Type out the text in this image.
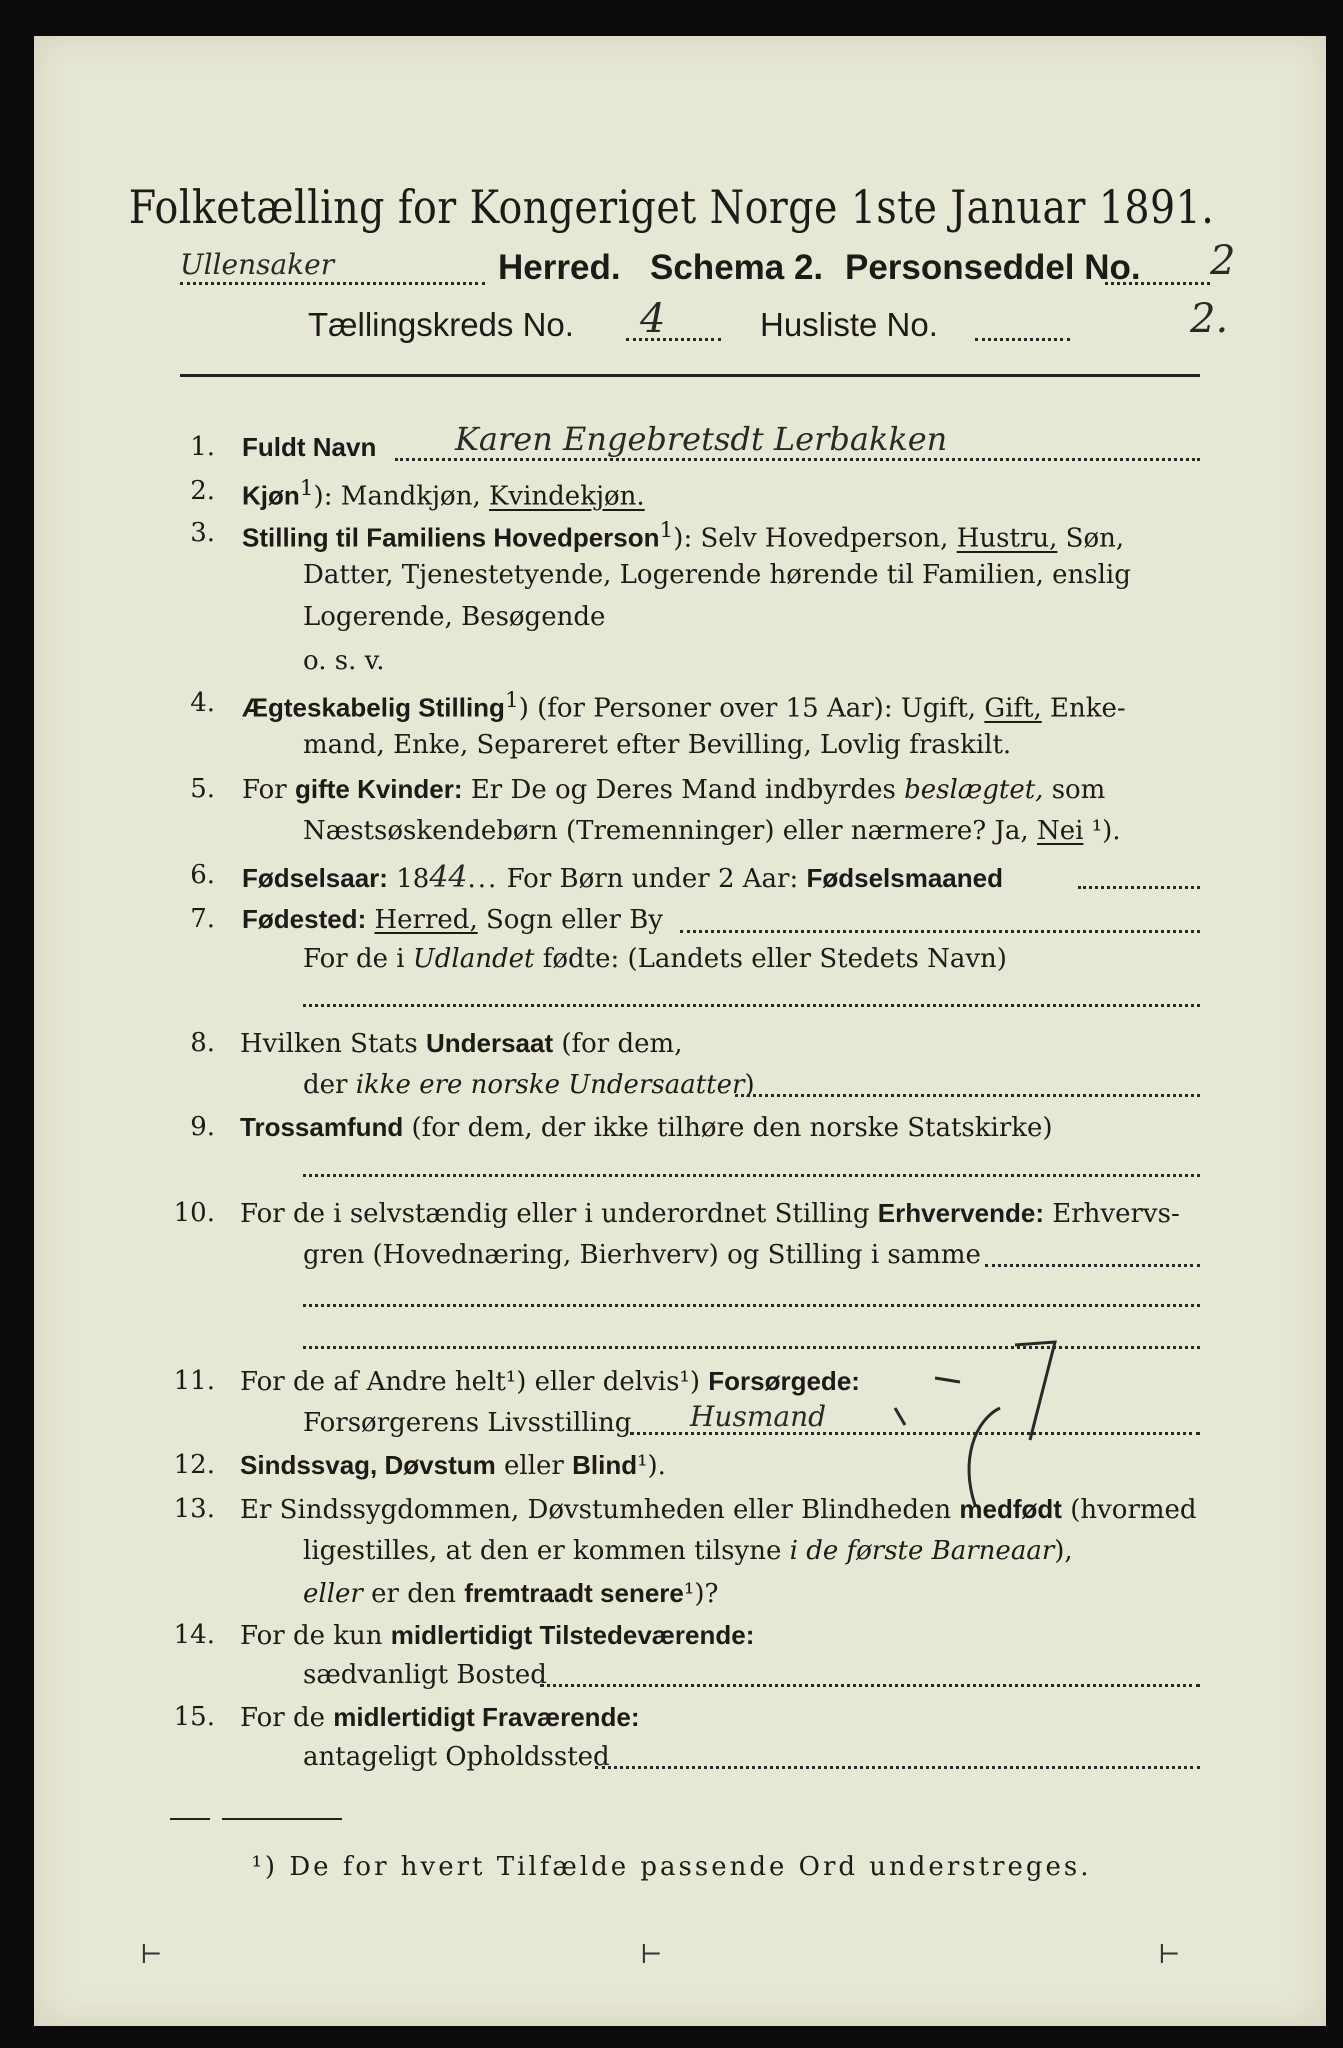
Folketælling for Kongeriget Norge 1ste Januar 1891.
Ullensaker	Herred. Schema 2. Personseddel No. 2
Tællingskreds No. 4	Husliste No.	2.
1. Fuldt Navn Karen Engebretsdt Lerbakken
2. Kjøn$^1$): Mandkjøn, Kvindekjøn.
3. Stilling til Familiens Hovedperson$^1$): Selv Hovedperson, Hustru, Søn,
Datter, Tjenestetyende, Logerende hørende til Familien, enslig
Logerende, Besøgende
o. s. v.
4. Ægteskabelig Stilling$^1$) (for Personer over 15 Aar): Ugift, Gift, Enke-
mand, Enke, Separeret efter Bevilling, Lovlig fraskilt.
5. For gifte Kvinder: Er De og Deres Mand indbyrdes beslægtet, som
Næstsøskendebørn (Tremenninger) eller nærmere? Ja, Nei ¹).
6. Fødselsaar: 1844... For Børn under 2 Aar: Fødselsmaaned
7. Fødested: Herred, Sogn eller By
For de i Udlandet fødte: (Landets eller Stedets Navn)
8. Hvilken Stats Undersaat (for dem,
der ikke ere norske Undersaatter)
9. Trossamfund (for dem, der ikke tilhøre den norske Statskirke)
10. For de i selvstændig eller i underordnet Stilling Erhvervende: Erhvervs-
gren (Hovednæring, Bierhverv) og Stilling i samme
11. For de af Andre helt¹) eller delvis¹) Forsørgede:
Forsørgerens Livsstilling Husmand
12. Sindssvag, Døvstum eller Blind¹).
13. Er Sindssygdommen, Døvstumheden eller Blindheden medfødt (hvormed
ligestilles, at den er kommen tilsyne i de første Barneaar),
eller er den fremtraadt senere¹)?
14. For de kun midlertidigt Tilstedeværende:
sædvanligt Bosted
15. For de midlertidigt Fraværende:
antageligt Opholdssted
¹) De for hvert Tilfælde passende Ord understreges.
⊢	⊢	⊢
